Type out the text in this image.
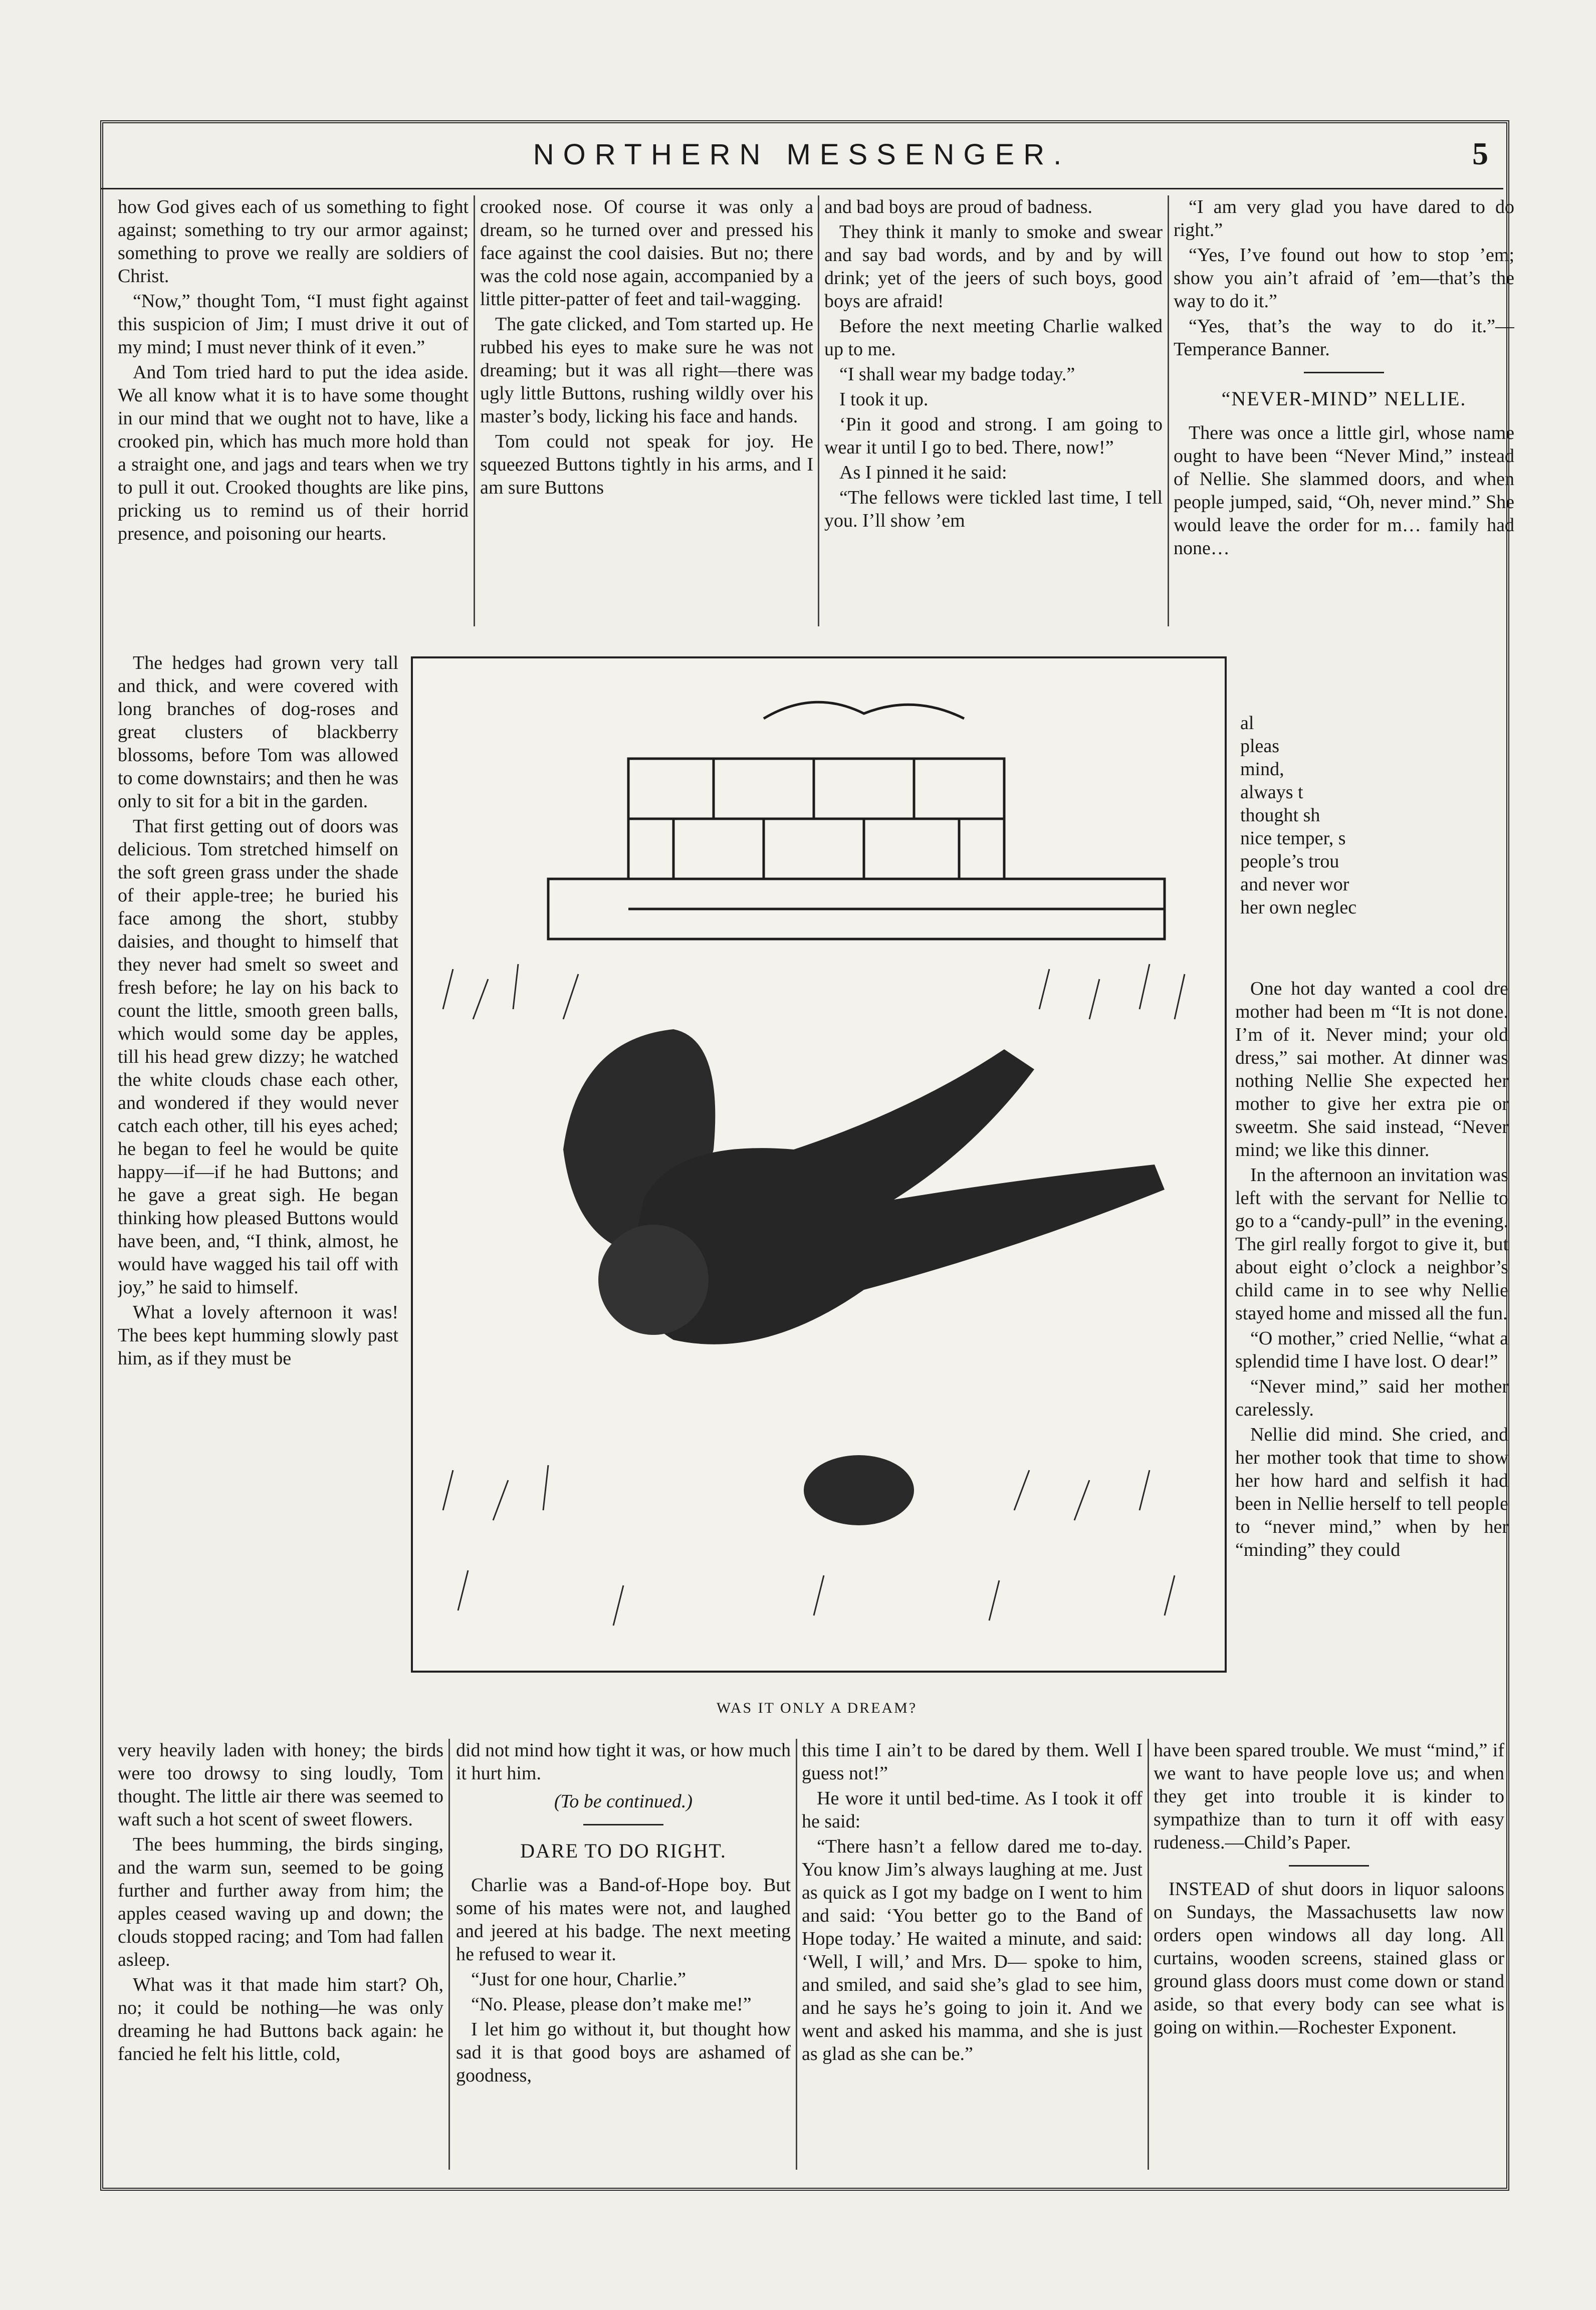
NORTHERN MESSENGER.	5

how God gives each of us something to fight against; something to try our armor against; something to prove we really are soldiers of Christ.

“Now,” thought Tom, “I must fight against this suspicion of Jim; I must drive it out of my mind; I must never think of it even.”

And Tom tried hard to put the idea aside. We all know what it is to have some thought in our mind that we ought not to have, like a crooked pin, which has much more hold than a straight one, and jags and tears when we try to pull it out. Crooked thoughts are like pins, pricking us to remind us of their horrid presence, and poisoning our hearts.

The hedges had grown very tall and thick, and were covered with long branches of dog-roses and great clusters of blackberry blossoms, before Tom was allowed to come downstairs; and then he was only to sit for a bit in the garden.

That first getting out of doors was delicious. Tom stretched himself on the soft green grass under the shade of their apple-tree; he buried his face among the short, stubby daisies, and thought to himself that they never had smelt so sweet and fresh before; he lay on his back to count the little, smooth green balls, which would some day be apples, till his head grew dizzy; he watched the white clouds chase each other, and wondered if they would never catch each other, till his eyes ached; he began to feel he would be quite happy—if—if he had Buttons; and he gave a great sigh. He began thinking how pleased Buttons would have been, and, “I think, almost, he would have wagged his tail off with joy,” he said to himself.

What a lovely afternoon it was! The bees kept humming slowly past him, as if they must be

crooked nose. Of course it was only a dream, so he turned over and pressed his face against the cool daisies. But no; there was the cold nose again, accompanied by a little pitter-patter of feet and tail-wagging.

The gate clicked, and Tom started up. He rubbed his eyes to make sure he was not dreaming; but it was all right—there was ugly little Buttons, rushing wildly over his master’s body, licking his face and hands.

Tom could not speak for joy. He squeezed Buttons tightly in his arms, and I am sure Buttons

and bad boys are proud of badness.

They think it manly to smoke and swear and say bad words, and by and by will drink; yet of the jeers of such boys, good boys are afraid!

Before the next meeting Charlie walked up to me.

“I shall wear my badge today.”

I took it up.

‘Pin it good and strong. I am going to wear it until I go to bed. There, now!”

As I pinned it he said:

“The fellows were tickled last time, I tell you. I’ll show ’em

“I am very glad you have dared to do right.”

“Yes, I’ve found out how to stop ’em; show you ain’t afraid of ’em—that’s the way to do it.”

“Yes, that’s the way to do it.”—Temperance Banner.

“NEVER-MIND” NELLIE.

There was once a little girl, whose name ought to have been “Never Mind,” instead of Nellie. She slammed doors, and when people jumped, said, “Oh, never mind.” She would leave the order for m… family had none…

al
pleas
mind,
always t
thought sh
nice temper, s
people’s trou
and never wor
her own neglec

One hot day wanted a cool dre mother had been m “It is not done. I’m of it. Never mind; your old dress,” sai mother. At dinner was nothing Nellie She expected her mother to give her extra pie or sweetm. She said instead, “Never mind; we like this dinner.

In the afternoon an invitation was left with the servant for Nellie to go to a “candy-pull” in the evening. The girl really forgot to give it, but about eight o’clock a neighbor’s child came in to see why Nellie stayed home and missed all the fun.

“O mother,” cried Nellie, “what a splendid time I have lost. O dear!”

“Never mind,” said her mother carelessly.

Nellie did mind. She cried, and her mother took that time to show her how hard and selfish it had been in Nellie herself to tell people to “never mind,” when by her “minding” they could

WAS IT ONLY A DREAM?

very heavily laden with honey; the birds were too drowsy to sing loudly, Tom thought. The little air there was seemed to waft such a hot scent of sweet flowers.

The bees humming, the birds singing, and the warm sun, seemed to be going further and further away from him; the apples ceased waving up and down; the clouds stopped racing; and Tom had fallen asleep.

What was it that made him start? Oh, no; it could be nothing—he was only dreaming he had Buttons back again: he fancied he felt his little, cold,

did not mind how tight it was, or how much it hurt him.

(To be continued.)

DARE TO DO RIGHT.

Charlie was a Band-of-Hope boy. But some of his mates were not, and laughed and jeered at his badge. The next meeting he refused to wear it.

“Just for one hour, Charlie.”

“No. Please, please don’t make me!”

I let him go without it, but thought how sad it is that good boys are ashamed of goodness,

this time I ain’t to be dared by them. Well I guess not!”

He wore it until bed-time. As I took it off he said:

“There hasn’t a fellow dared me to-day. You know Jim’s always laughing at me. Just as quick as I got my badge on I went to him and said: ‘You better go to the Band of Hope today.’ He waited a minute, and said: ‘Well, I will,’ and Mrs. D— spoke to him, and smiled, and said she’s glad to see him, and he says he’s going to join it. And we went and asked his mamma, and she is just as glad as she can be.”

have been spared trouble. We must “mind,” if we want to have people love us; and when they get into trouble it is kinder to sympathize than to turn it off with easy rudeness.—Child’s Paper.

INSTEAD of shut doors in liquor saloons on Sundays, the Massachusetts law now orders open windows all day long. All curtains, wooden screens, stained glass or ground glass doors must come down or stand aside, so that every body can see what is going on within.—Rochester Exponent.
